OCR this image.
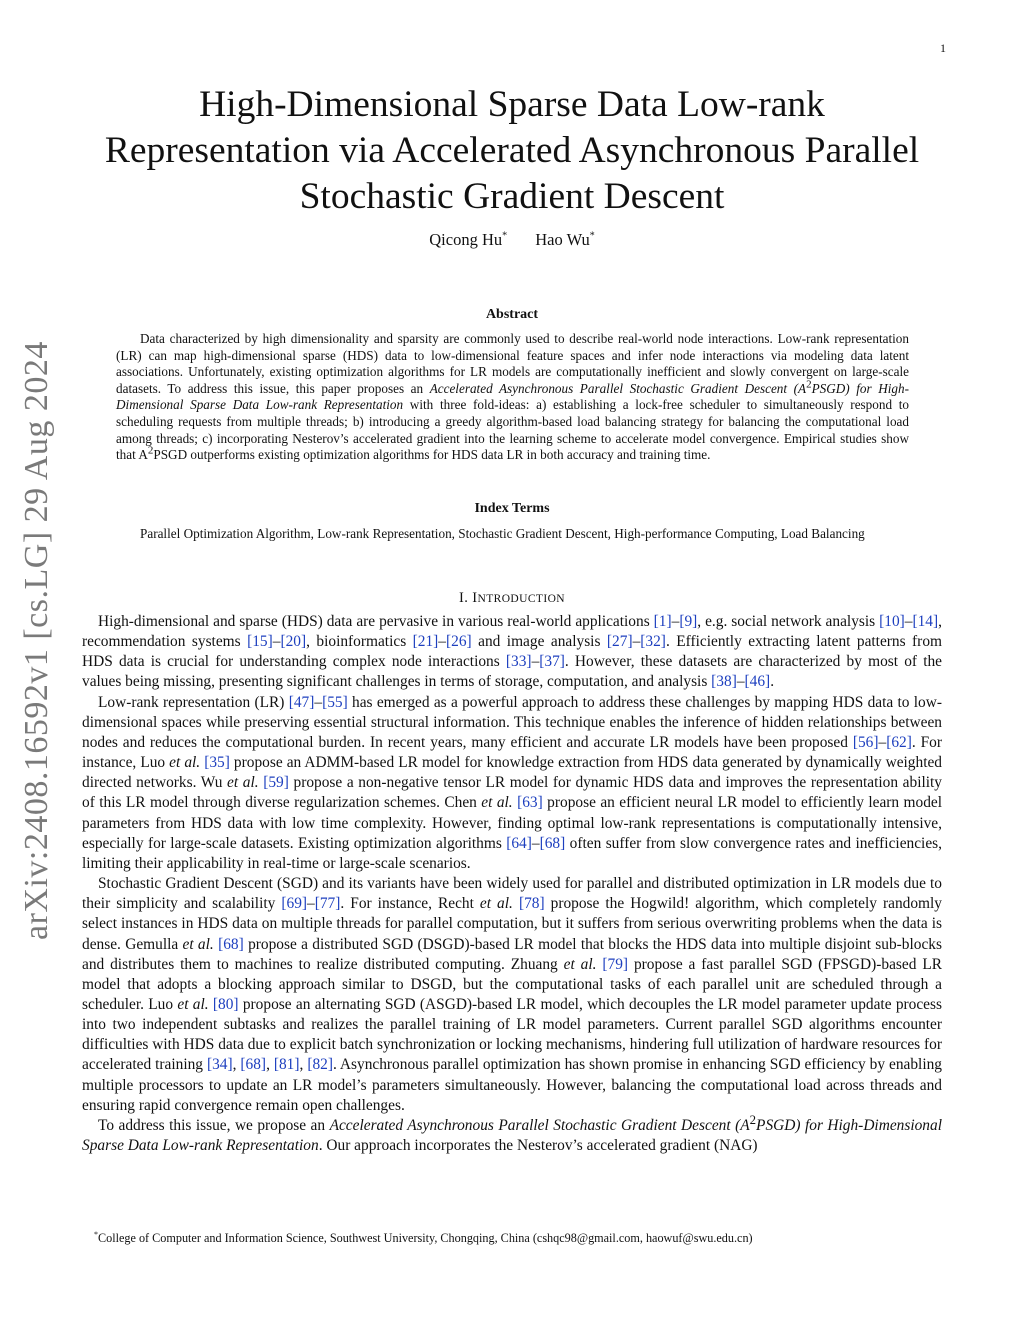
1
arXiv:2408.16592v1 [cs.LG] 29 Aug 2024
High-Dimensional Sparse Data Low-rank Representation via Accelerated Asynchronous Parallel Stochastic Gradient Descent
Qicong Hu* Hao Wu*
Abstract
Data characterized by high dimensionality and sparsity are commonly used to describe real-world node interactions. Low-rank representation (LR) can map high-dimensional sparse (HDS) data to low-dimensional feature spaces and infer node interactions via modeling data latent associations. Unfortunately, existing optimization algorithms for LR models are computationally inefficient and slowly convergent on large-scale datasets. To address this issue, this paper proposes an Accelerated Asynchronous Parallel Stochastic Gradient Descent $(A^2PSGD)$ for High-Dimensional Sparse Data Low-rank Representation with three fold-ideas: a) establishing a lock-free scheduler to simultaneously respond to scheduling requests from multiple threads; b) introducing a greedy algorithm-based load balancing strategy for balancing the computational load among threads; c) incorporating Nesterov’s accelerated gradient into the learning scheme to accelerate model convergence. Empirical studies show that $A^2PSGD$ outperforms existing optimization algorithms for HDS data LR in both accuracy and training time.
Index Terms
Parallel Optimization Algorithm, Low-rank Representation, Stochastic Gradient Descent, High-performance Computing, Load Balancing
I. INTRODUCTION

High-dimensional and sparse (HDS) data are pervasive in various real-world applications [1]–[9], e.g. social network analysis [10]–[14], recommendation systems [15]–[20], bioinformatics [21]–[26] and image analysis [27]–[32]. Efficiently extracting latent patterns from HDS data is crucial for understanding complex node interactions [33]–[37]. However, these datasets are characterized by most of the values being missing, presenting significant challenges in terms of storage, computation, and analysis [38]–[46].

Low-rank representation (LR) [47]–[55] has emerged as a powerful approach to address these challenges by mapping HDS data to low-dimensional spaces while preserving essential structural information. This technique enables the inference of hidden relationships between nodes and reduces the computational burden. In recent years, many efficient and accurate LR models have been proposed [56]–[62]. For instance, Luo et al. [35] propose an ADMM-based LR model for knowledge extraction from HDS data generated by dynamically weighted directed networks. Wu et al. [59] propose a non-negative tensor LR model for dynamic HDS data and improves the representation ability of this LR model through diverse regularization schemes. Chen et al. [63] propose an efficient neural LR model to efficiently learn model parameters from HDS data with low time complexity. However, finding optimal low-rank representations is computationally intensive, especially for large-scale datasets. Existing optimization algorithms [64]–[68] often suffer from slow convergence rates and inefficiencies, limiting their applicability in real-time or large-scale scenarios.

Stochastic Gradient Descent (SGD) and its variants have been widely used for parallel and distributed optimization in LR models due to their simplicity and scalability [69]–[77]. For instance, Recht et al. [78] propose the Hogwild! algorithm, which completely randomly select instances in HDS data on multiple threads for parallel computation, but it suffers from serious overwriting problems when the data is dense. Gemulla et al. [68] propose a distributed SGD (DSGD)-based LR model that blocks the HDS data into multiple disjoint sub-blocks and distributes them to machines to realize distributed computing. Zhuang et al. [79] propose a fast parallel SGD (FPSGD)-based LR model that adopts a blocking approach similar to DSGD, but the computational tasks of each parallel unit are scheduled through a scheduler. Luo et al. [80] propose an alternating SGD (ASGD)-based LR model, which decouples the LR model parameter update process into two independent subtasks and realizes the parallel training of LR model parameters. Current parallel SGD algorithms encounter difficulties with HDS data due to explicit batch synchronization or locking mechanisms, hindering full utilization of hardware resources for accelerated training [34], [68], [81], [82]. Asynchronous parallel optimization has shown promise in enhancing SGD efficiency by enabling multiple processors to update an LR model’s parameters simultaneously. However, balancing the computational load across threads and ensuring rapid convergence remain open challenges.

To address this issue, we propose an Accelerated Asynchronous Parallel Stochastic Gradient Descent $(A^2PSGD)$ for High-Dimensional Sparse Data Low-rank Representation. Our approach incorporates the Nesterov’s accelerated gradient (NAG)

*College of Computer and Information Science, Southwest University, Chongqing, China (cshqc98@gmail.com, haowuf@swu.edu.cn)
